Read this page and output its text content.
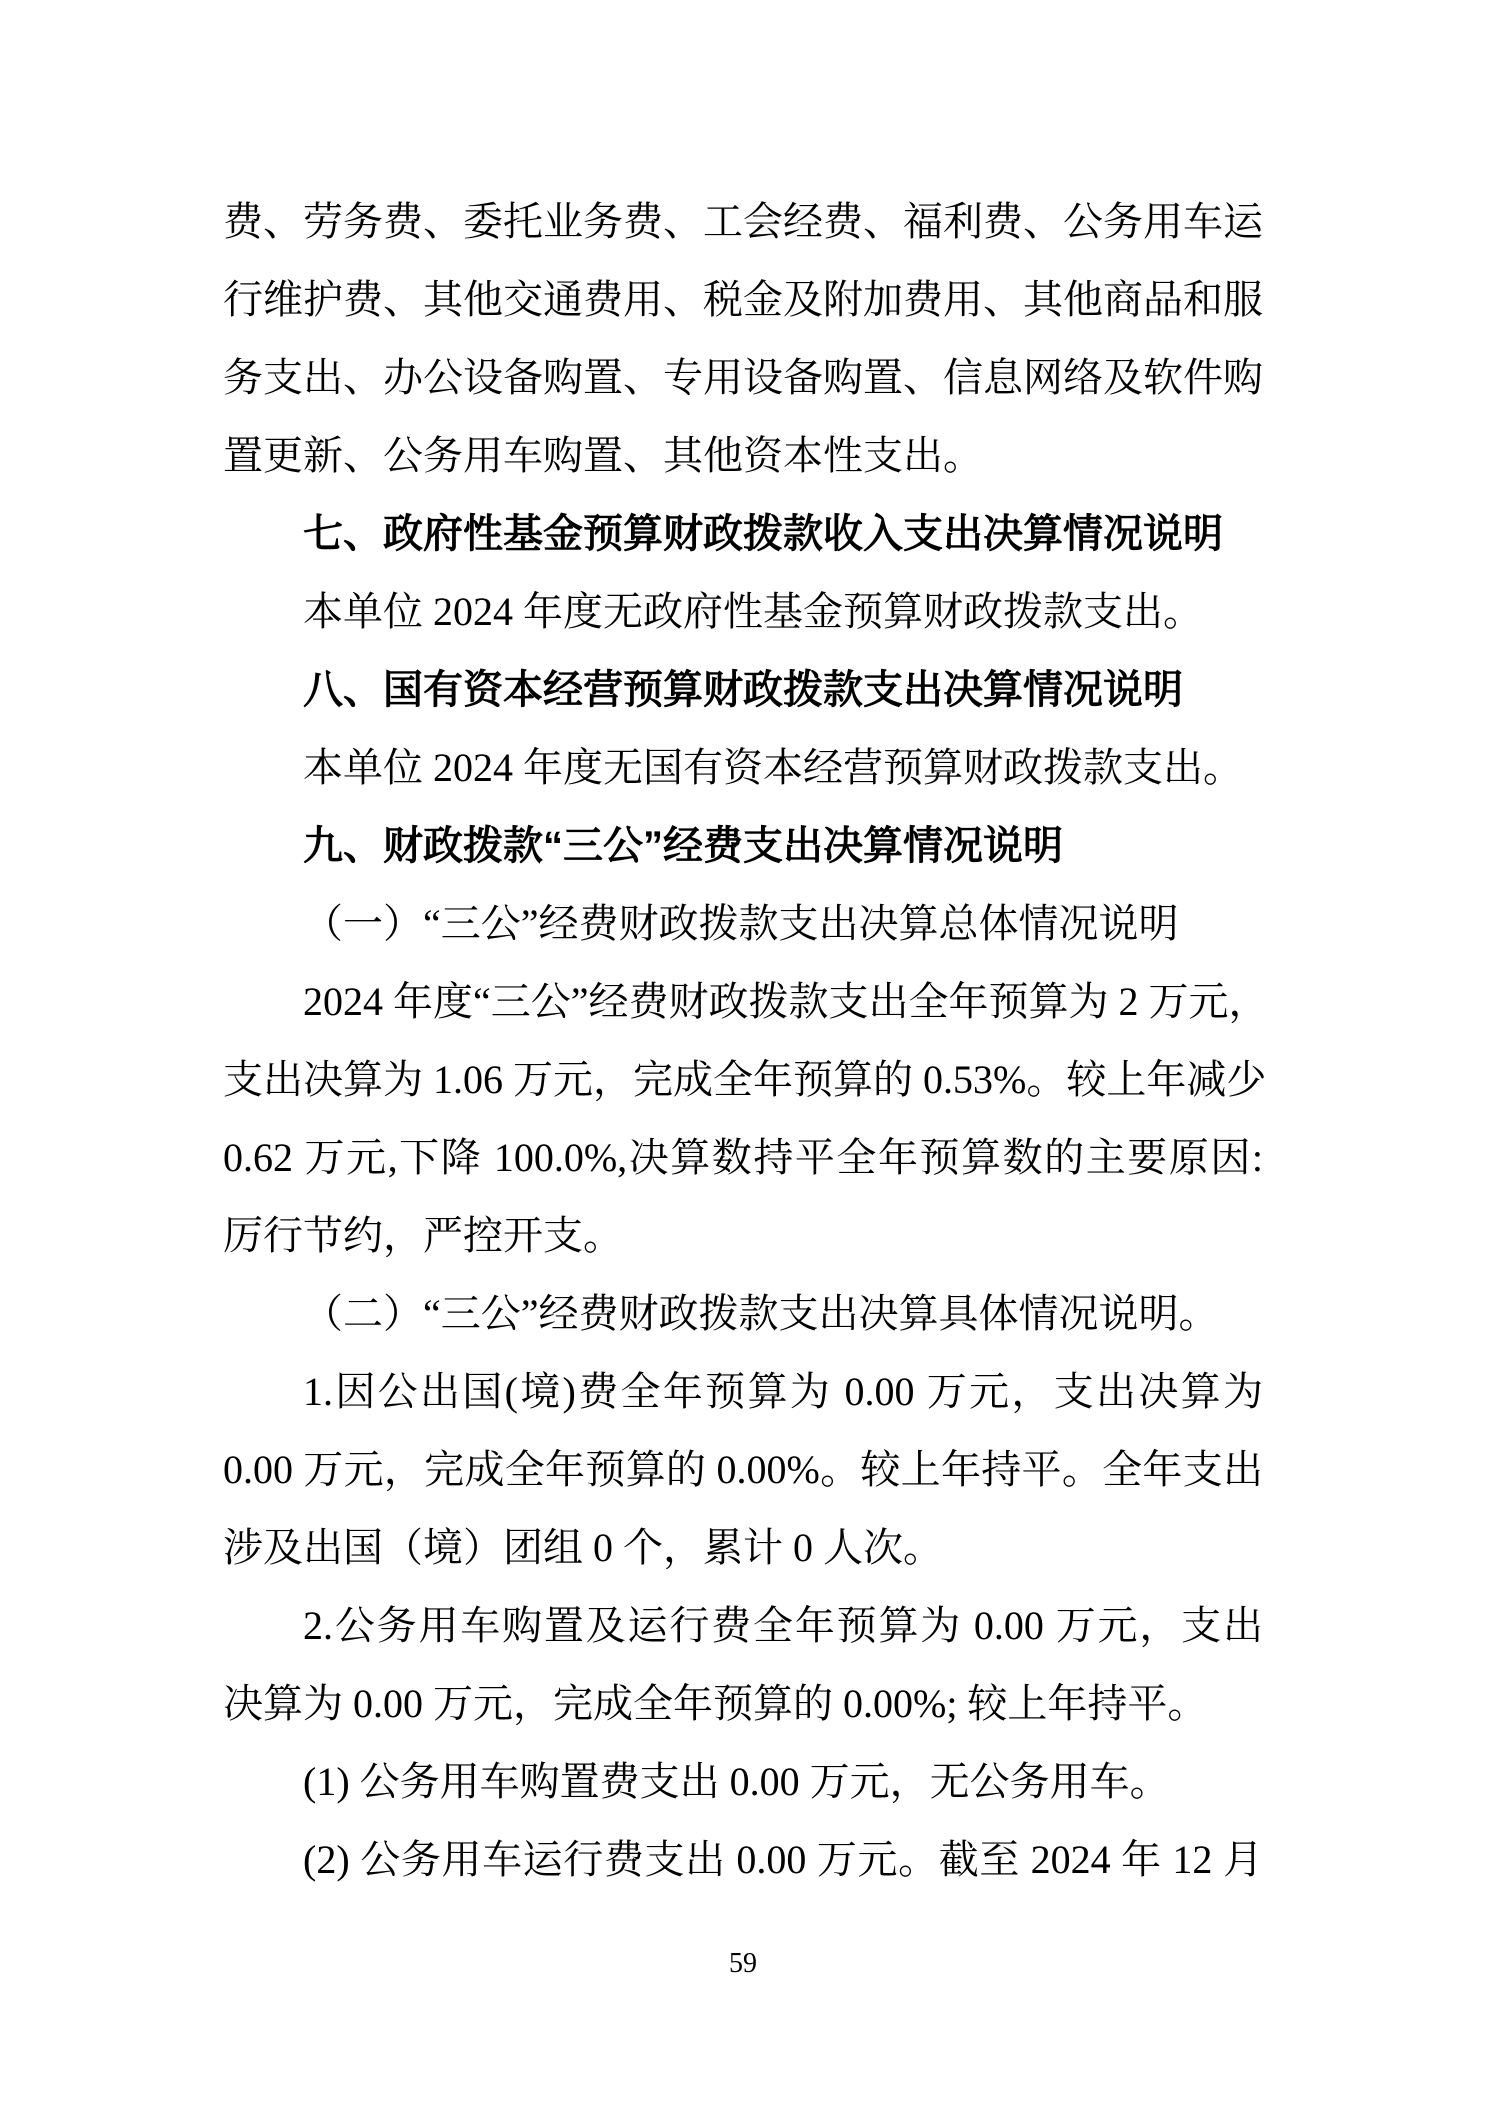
费、劳务费、委托业务费、工会经费、福利费、公务用车运
行维护费、其他交通费用、税金及附加费用、其他商品和服
务支出、办公设备购置、专用设备购置、信息网络及软件购
置更新、公务用车购置、其他资本性支出。
七、政府性基金预算财政拨款收入支出决算情况说明
本单位 2024 年度无政府性基金预算财政拨款支出。
八、国有资本经营预算财政拨款支出决算情况说明
本单位 2024 年度无国有资本经营预算财政拨款支出。
九、财政拨款“三公”经费支出决算情况说明
（一）“三公”经费财政拨款支出决算总体情况说明
2024 年度“三公”经费财政拨款支出全年预算为 2 万元，
支出决算为 1.06 万元，完成全年预算的 0.53%。较上年减少
0.62 万元,下降 100.0%,决算数持平全年预算数的主要原因:
厉行节约，严控开支。
（二）“三公”经费财政拨款支出决算具体情况说明。
1.因公出国(境)费全年预算为 0.00 万元，支出决算为
0.00 万元，完成全年预算的 0.00%。较上年持平。全年支出
涉及出国（境）团组 0 个，累计 0 人次。
2.公务用车购置及运行费全年预算为 0.00 万元，支出
决算为 0.00 万元，完成全年预算的 0.00%; 较上年持平。
(1) 公务用车购置费支出 0.00 万元，无公务用车。
(2) 公务用车运行费支出 0.00 万元。截至 2024 年 12 月
59
